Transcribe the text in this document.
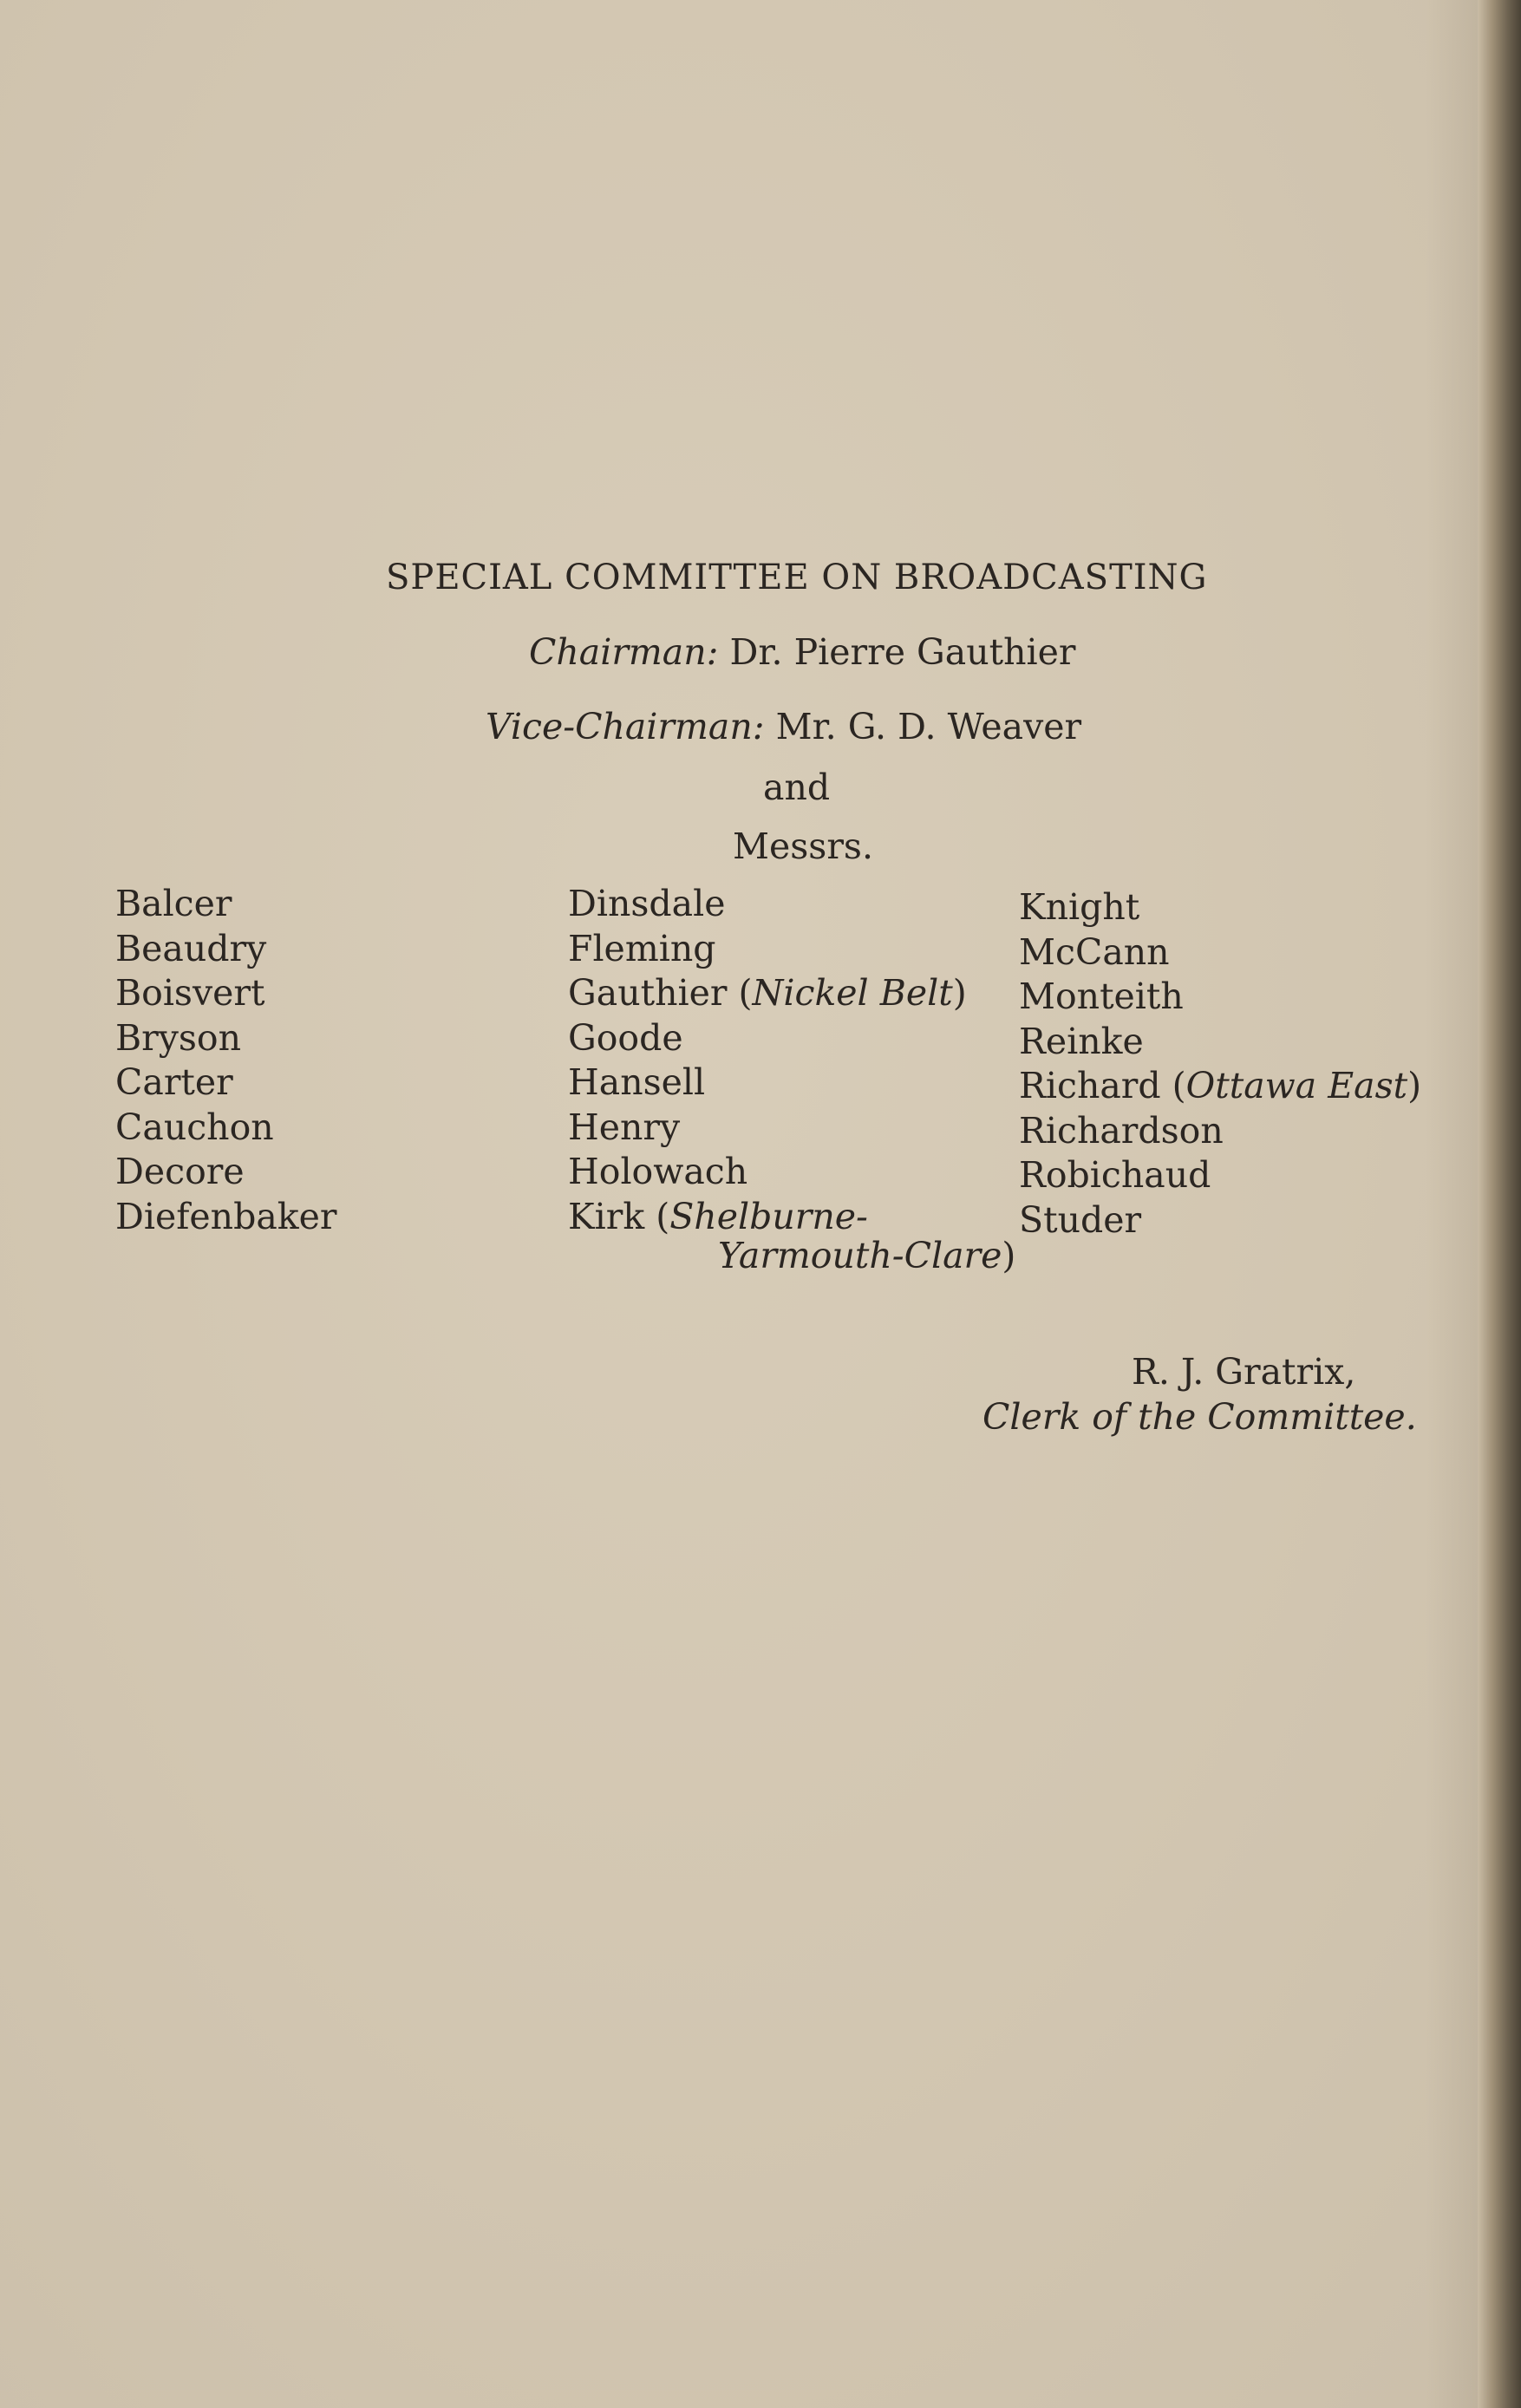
SPECIAL COMMITTEE ON BROADCASTING
Chairman: Dr. Pierre Gauthier
Vice-Chairman: Mr. G. D. Weaver
and
Messrs.
Balcer
Beaudry
Boisvert
Bryson
Carter
Cauchon
Decore
Diefenbaker
Dinsdale
Fleming
Gauthier (Nickel Belt)
Goode
Hansell
Henry
Holowach
Kirk (Shelburne-
Yarmouth-Clare)
Knight
McCann
Monteith
Reinke
Richard (Ottawa East)
Richardson
Robichaud
Studer
R. J. Gratrix,
Clerk of the Committee.
